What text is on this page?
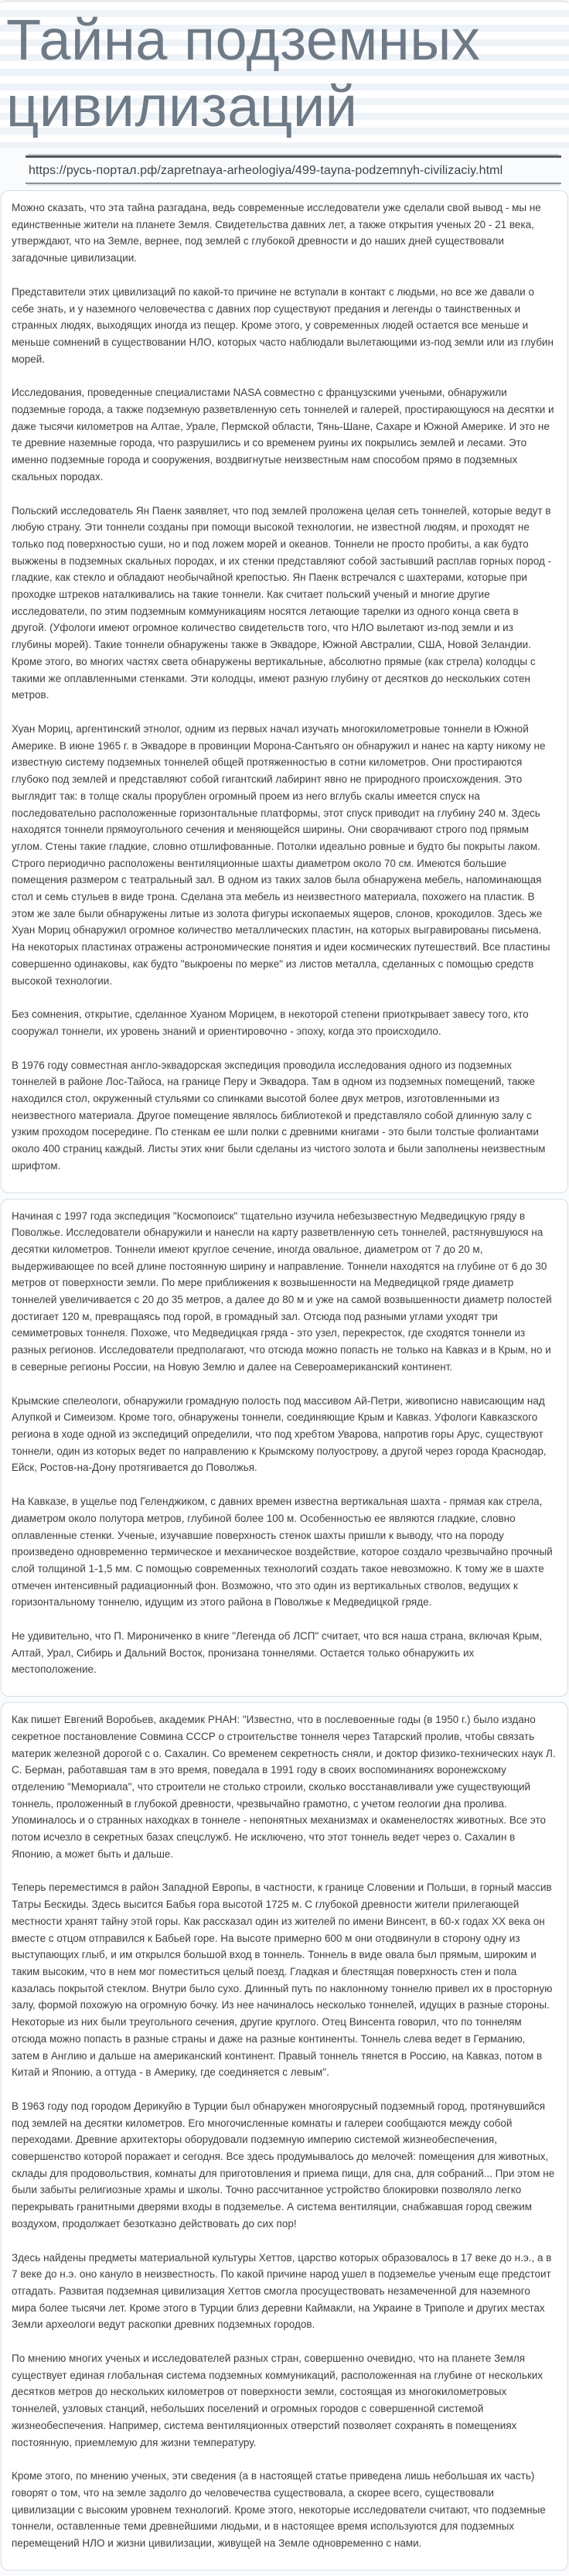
Тайна подземных цивилизаций
https://русь-портал.рф/zapretnaya-arheologiya/499-tayna-podzemnyh-civilizaciy.html

Можно сказать, что эта тайна разгадана, ведь современные исследователи уже сделали свой вывод - мы не единственные жители на планете Земля. Свидетельства давних лет, а также открытия ученых 20 - 21 века, утверждают, что на Земле, вернее, под землей с глубокой древности и до наших дней существовали загадочные цивилизации.

Представители этих цивилизаций по какой-то причине не вступали в контакт с людьми, но все же давали о себе знать, и у наземного человечества с давних пор существуют предания и легенды о таинственных и странных людях, выходящих иногда из пещер. Кроме этого, у современных людей остается все меньше и меньше сомнений в существовании НЛО, которых часто наблюдали вылетающими из-под земли или из глубин морей.

Исследования, проведенные специалистами NASA совместно с французскими учеными, обнаружили подземные города, а также подземную разветвленную сеть тоннелей и галерей, простирающуюся на десятки и даже тысячи километров на Алтае, Урале, Пермской области, Тянь-Шане, Сахаре и Южной Америке. И это не те древние наземные города, что разрушились и со временем руины их покрылись землей и лесами. Это именно подземные города и сооружения, воздвигнутые неизвестным нам способом прямо в подземных скальных породах.

Польский исследователь Ян Паенк заявляет, что под землей проложена целая сеть тоннелей, которые ведут в любую страну. Эти тоннели созданы при помощи высокой технологии, не известной людям, и проходят не только под поверхностью суши, но и под ложем морей и океанов. Тоннели не просто пробиты, а как будто выжжены в подземных скальных породах, и их стенки представляют собой застывший расплав горных пород - гладкие, как стекло и обладают необычайной крепостью. Ян Паенк встречался с шахтерами, которые при проходке штреков наталкивались на такие тоннели. Как считает польский ученый и многие другие исследователи, по этим подземным коммуникациям носятся летающие тарелки из одного конца света в другой. (Уфологи имеют огромное количество свидетельств того, что НЛО вылетают из-под земли и из глубины морей). Такие тоннели обнаружены также в Эквадоре, Южной Австралии, США, Новой Зеландии. Кроме этого, во многих частях света обнаружены вертикальные, абсолютно прямые (как стрела) колодцы с такими же оплавленными стенками. Эти колодцы, имеют разную глубину от десятков до нескольких сотен метров.

Хуан Мориц, аргентинский этнолог, одним из первых начал изучать многокилометровые тоннели в Южной Америке. В июне 1965 г. в Эквадоре в провинции Морона-Сантьяго он обнаружил и нанес на карту никому не известную систему подземных тоннелей общей протяженностью в сотни километров. Они простираются глубоко под землей и представляют собой гигантский лабиринт явно не природного происхождения. Это выглядит так: в толще скалы прорублен огромный проем из него вглубь скалы имеется спуск на последовательно расположенные горизонтальные платформы, этот спуск приводит на глубину 240 м. Здесь находятся тоннели прямоугольного сечения и меняющейся ширины. Они сворачивают строго под прямым углом. Стены такие гладкие, словно отшлифованные. Потолки идеально ровные и будто бы покрыты лаком. Строго периодично расположены вентиляционные шахты диаметром около 70 см. Имеются большие помещения размером с театральный зал. В одном из таких залов была обнаружена мебель, напоминающая стол и семь стульев в виде трона. Сделана эта мебель из неизвестного материала, похожего на пластик. В этом же зале были обнаружены литые из золота фигуры ископаемых ящеров, слонов, крокодилов. Здесь же Хуан Мориц обнаружил огромное количество металлических пластин, на которых выгравированы письмена. На некоторых пластинах отражены астрономические понятия и идеи космических путешествий. Все пластины совершенно одинаковы, как будто "выкроены по мерке" из листов металла, сделанных с помощью средств высокой технологии.

Без сомнения, открытие, сделанное Хуаном Морицем, в некоторой степени приоткрывает завесу того, кто сооружал тоннели, их уровень знаний и ориентировочно - эпоху, когда это происходило.

В 1976 году совместная англо-эквадорская экспедиция проводила исследования одного из подземных тоннелей в районе Лос-Тайоса, на границе Перу и Эквадора. Там в одном из подземных помещений, также находился стол, окруженный стульями со спинками высотой более двух метров, изготовленными из неизвестного материала. Другое помещение являлось библиотекой и представляло собой длинную залу с узким проходом посередине. По стенкам ее шли полки с древними книгами - это были толстые фолиантами около 400 страниц каждый. Листы этих книг были сделаны из чистого золота и были заполнены неизвестным шрифтом.

Начиная с 1997 года экспедиция "Космопоиск" тщательно изучила небезызвестную Медведицкую гряду в Поволжье. Исследователи обнаружили и нанесли на карту разветвленную сеть тоннелей, растянувшуюся на десятки километров. Тоннели имеют круглое сечение, иногда овальное, диаметром от 7 до 20 м, выдерживающее по всей длине постоянную ширину и направление. Тоннели находятся на глубине от 6 до 30 метров от поверхности земли. По мере приближения к возвышенности на Медведицкой гряде диаметр тоннелей увеличивается с 20 до 35 метров, а далее до 80 м и уже на самой возвышенности диаметр полостей достигает 120 м, превращаясь под горой, в громадный зал. Отсюда под разными углами уходят три семиметровых тоннеля. Похоже, что Медведицкая гряда - это узел, перекресток, где сходятся тоннели из разных регионов. Исследователи предполагают, что отсюда можно попасть не только на Кавказ и в Крым, но и в северные регионы России, на Новую Землю и далее на Североамериканский континент.

Крымские спелеологи, обнаружили громадную полость под массивом Ай-Петри, живописно нависающим над Алупкой и Симеизом. Кроме того, обнаружены тоннели, соединяющие Крым и Кавказ. Уфологи Кавказского региона в ходе одной из экспедиций определили, что под хребтом Уварова, напротив горы Арус, существуют тоннели, один из которых ведет по направлению к Крымскому полуострову, а другой через города Краснодар, Ейск, Ростов-на-Дону протягивается до Поволжья.

На Кавказе, в ущелье под Геленджиком, с давних времен известна вертикальная шахта - прямая как стрела, диаметром около полутора метров, глубиной более 100 м. Особенностью ее являются гладкие, словно оплавленные стенки. Ученые, изучавшие поверхность стенок шахты пришли к выводу, что на породу произведено одновременно термическое и механическое воздействие, которое создало чрезвычайно прочный слой толщиной 1-1,5 мм. С помощью современных технологий создать такое невозможно. К тому же в шахте отмечен интенсивный радиационный фон. Возможно, что это один из вертикальных стволов, ведущих к горизонтальному тоннелю, идущим из этого района в Поволжье к Медведицкой гряде.

Не удивительно, что П. Мирониченко в книге "Легенда об ЛСП" считает, что вся наша страна, включая Крым, Алтай, Урал, Сибирь и Дальний Восток, пронизана тоннелями. Остается только обнаружить их местоположение.

Как пишет Евгений Воробьев, академик РНАН: "Известно, что в послевоенные годы (в 1950 г.) было издано секретное постановление Совмина СССР о строительстве тоннеля через Татарский пролив, чтобы связать материк железной дорогой с о. Сахалин. Со временем секретность сняли, и доктор физико-технических наук Л. С. Берман, работавшая там в это время, поведала в 1991 году в своих воспоминаниях воронежскому отделению "Мемориала", что строители не столько строили, сколько восстанавливали уже существующий тоннель, проложенный в глубокой древности, чрезвычайно грамотно, с учетом геологии дна пролива. Упоминалось и о странных находках в тоннеле - непонятных механизмах и окаменелостях животных. Все это потом исчезло в секретных базах спецслужб. Не исключено, что этот тоннель ведет через о. Сахалин в Японию, а может быть и дальше.

Теперь переместимся в район Западной Европы, в частности, к границе Словении и Польши, в горный массив Татры Бескиды. Здесь высится Бабья гора высотой 1725 м. С глубокой древности жители прилегающей местности хранят тайну этой горы. Как рассказал один из жителей по имени Винсент, в 60-х годах XX века он вместе с отцом отправился к Бабьей горе. На высоте примерно 600 м они отодвинули в сторону одну из выступающих глыб, и им открылся большой вход в тоннель. Тоннель в виде овала был прямым, широким и таким высоким, что в нем мог поместиться целый поезд. Гладкая и блестящая поверхность стен и пола казалась покрытой стеклом. Внутри было сухо. Длинный путь по наклонному тоннелю привел их в просторную залу, формой похожую на огромную бочку. Из нее начиналось несколько тоннелей, идущих в разные стороны. Некоторые из них были треугольного сечения, другие круглого. Отец Винсента говорил, что по тоннелям отсюда можно попасть в разные страны и даже на разные континенты. Тоннель слева ведет в Германию, затем в Англию и дальше на американский континент. Правый тоннель тянется в Россию, на Кавказ, потом в Китай и Японию, а оттуда - в Америку, где соединяется с левым".

В 1963 году под городом Дерикуйю в Турции был обнаружен многоярусный подземный город, протянувшийся под землей на десятки километров. Его многочисленные комнаты и галереи сообщаются между собой переходами. Древние архитекторы оборудовали подземную империю системой жизнеобеспечения, совершенство которой поражает и сегодня. Все здесь продумывалось до мелочей: помещения для животных, склады для продовольствия, комнаты для приготовления и приема пищи, для сна, для собраний... При этом не были забыты религиозные храмы и школы. Точно рассчитанное устройство блокировки позволяло легко перекрывать гранитными дверями входы в подземелье. А система вентиляции, снабжавшая город свежим воздухом, продолжает безотказно действовать до сих пор!

Здесь найдены предметы материальной культуры Хеттов, царство которых образовалось в 17 веке до н.э., а в 7 веке до н.э. оно кануло в неизвестность. По какой причине народ ушел в подземелье ученым еще предстоит отгадать. Развитая подземная цивилизация Хеттов смогла просуществовать незамеченной для наземного мира более тысячи лет. Кроме этого в Турции близ деревни Каймакли, на Украине в Триполе и других местах Земли археологи ведут раскопки древних подземных городов.

По мнению многих ученых и исследователей разных стран, совершенно очевидно, что на планете Земля существует единая глобальная система подземных коммуникаций, расположенная на глубине от нескольких десятков метров до нескольких километров от поверхности земли, состоящая из многокилометровых тоннелей, узловых станций, небольших поселений и огромных городов с совершенной системой жизнеобеспечения. Например, система вентиляционных отверстий позволяет сохранять в помещениях постоянную, приемлемую для жизни температуру.

Кроме этого, по мнению ученых, эти сведения (а в настоящей статье приведена лишь небольшая их часть) говорят о том, что на земле задолго до человечества существовала, а скорее всего, существовали цивилизации с высоким уровнем технологий. Кроме этого, некоторые исследователи считают, что подземные тоннели, оставленные теми древнейшими людьми, и в настоящее время используются для подземных перемещений НЛО и жизни цивилизации, живущей на Земле одновременно с нами.
